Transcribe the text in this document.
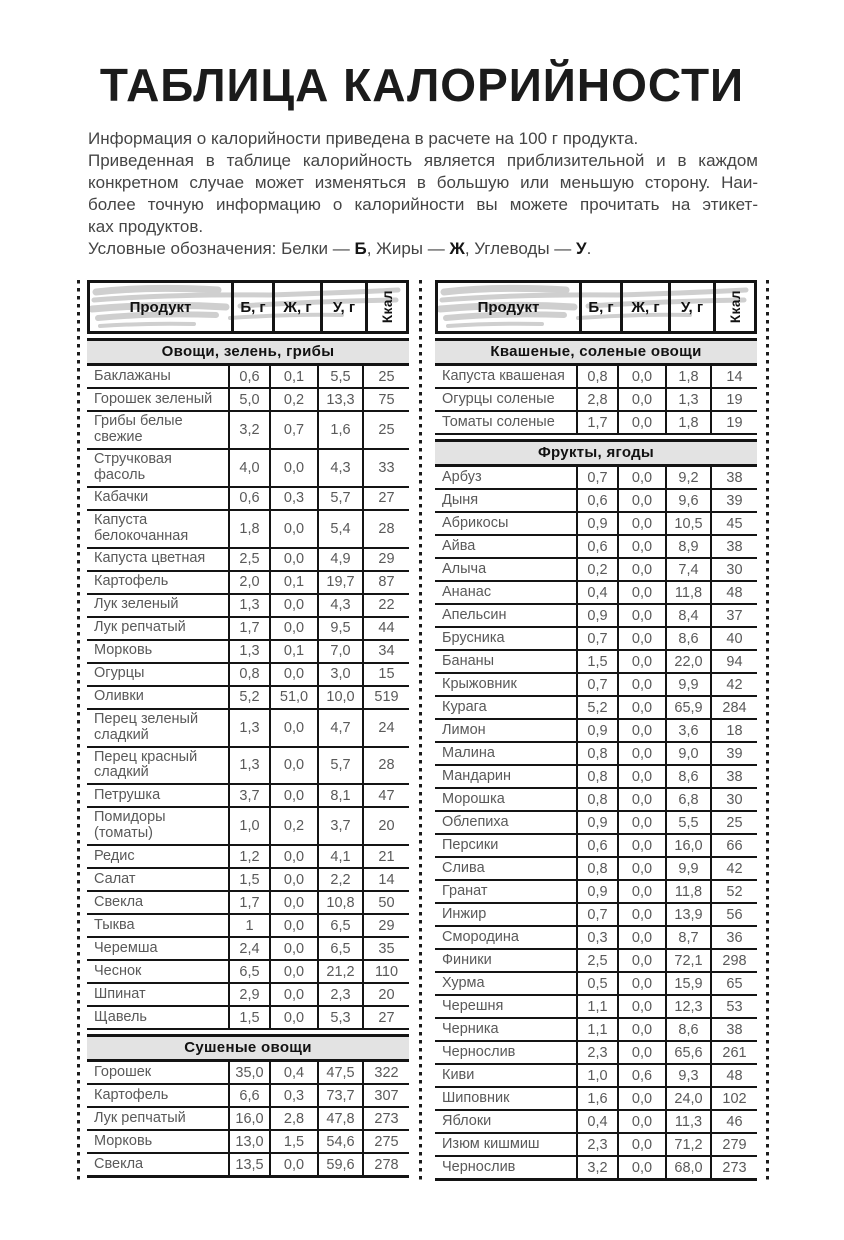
ТАБЛИЦА КАЛОРИЙНОСТИ
Информация о калорийности приведена в расчете на 100 г продукта.
Приведенная в таблице калорийность является приблизительной и в каждом
конкретном случае может изменяться в большую или меньшую сторону. Наи-
более точную информацию о калорийности вы можете прочитать на этикет-
ках продуктов.
Условные обозначения: Белки — Б, Жиры — Ж, Углеводы — У.
Продукт	Б, г	Ж, г	У, г	Ккал
Овощи, зелень, грибы
Баклажаны	0,6	0,1	5,5	25
Горошек зеленый	5,0	0,2	13,3	75
Грибы белые свежие	3,2	0,7	1,6	25
Стручковая фасоль	4,0	0,0	4,3	33
Кабачки	0,6	0,3	5,7	27
Капуста белокочанная	1,8	0,0	5,4	28
Капуста цветная	2,5	0,0	4,9	29
Картофель	2,0	0,1	19,7	87
Лук зеленый	1,3	0,0	4,3	22
Лук репчатый	1,7	0,0	9,5	44
Морковь	1,3	0,1	7,0	34
Огурцы	0,8	0,0	3,0	15
Оливки	5,2	51,0	10,0	519
Перец зеленый сладкий	1,3	0,0	4,7	24
Перец красный сладкий	1,3	0,0	5,7	28
Петрушка	3,7	0,0	8,1	47
Помидоры (томаты)	1,0	0,2	3,7	20
Редис	1,2	0,0	4,1	21
Салат	1,5	0,0	2,2	14
Свекла	1,7	0,0	10,8	50
Тыква	1	0,0	6,5	29
Черемша	2,4	0,0	6,5	35
Чеснок	6,5	0,0	21,2	110
Шпинат	2,9	0,0	2,3	20
Щавель	1,5	0,0	5,3	27
Сушеные овощи
Горошек	35,0	0,4	47,5	322
Картофель	6,6	0,3	73,7	307
Лук репчатый	16,0	2,8	47,8	273
Морковь	13,0	1,5	54,6	275
Свекла	13,5	0,0	59,6	278
Продукт	Б, г	Ж, г	У, г	Ккал
Квашеные, соленые овощи
Капуста квашеная	0,8	0,0	1,8	14
Огурцы соленые	2,8	0,0	1,3	19
Томаты соленые	1,7	0,0	1,8	19
Фрукты, ягоды
Арбуз	0,7	0,0	9,2	38
Дыня	0,6	0,0	9,6	39
Абрикосы	0,9	0,0	10,5	45
Айва	0,6	0,0	8,9	38
Алыча	0,2	0,0	7,4	30
Ананас	0,4	0,0	11,8	48
Апельсин	0,9	0,0	8,4	37
Брусника	0,7	0,0	8,6	40
Бананы	1,5	0,0	22,0	94
Крыжовник	0,7	0,0	9,9	42
Курага	5,2	0,0	65,9	284
Лимон	0,9	0,0	3,6	18
Малина	0,8	0,0	9,0	39
Мандарин	0,8	0,0	8,6	38
Морошка	0,8	0,0	6,8	30
Облепиха	0,9	0,0	5,5	25
Персики	0,6	0,0	16,0	66
Слива	0,8	0,0	9,9	42
Гранат	0,9	0,0	11,8	52
Инжир	0,7	0,0	13,9	56
Смородина	0,3	0,0	8,7	36
Финики	2,5	0,0	72,1	298
Хурма	0,5	0,0	15,9	65
Черешня	1,1	0,0	12,3	53
Черника	1,1	0,0	8,6	38
Чернослив	2,3	0,0	65,6	261
Киви	1,0	0,6	9,3	48
Шиповник	1,6	0,0	24,0	102
Яблоки	0,4	0,0	11,3	46
Изюм кишмиш	2,3	0,0	71,2	279
Чернослив	3,2	0,0	68,0	273
